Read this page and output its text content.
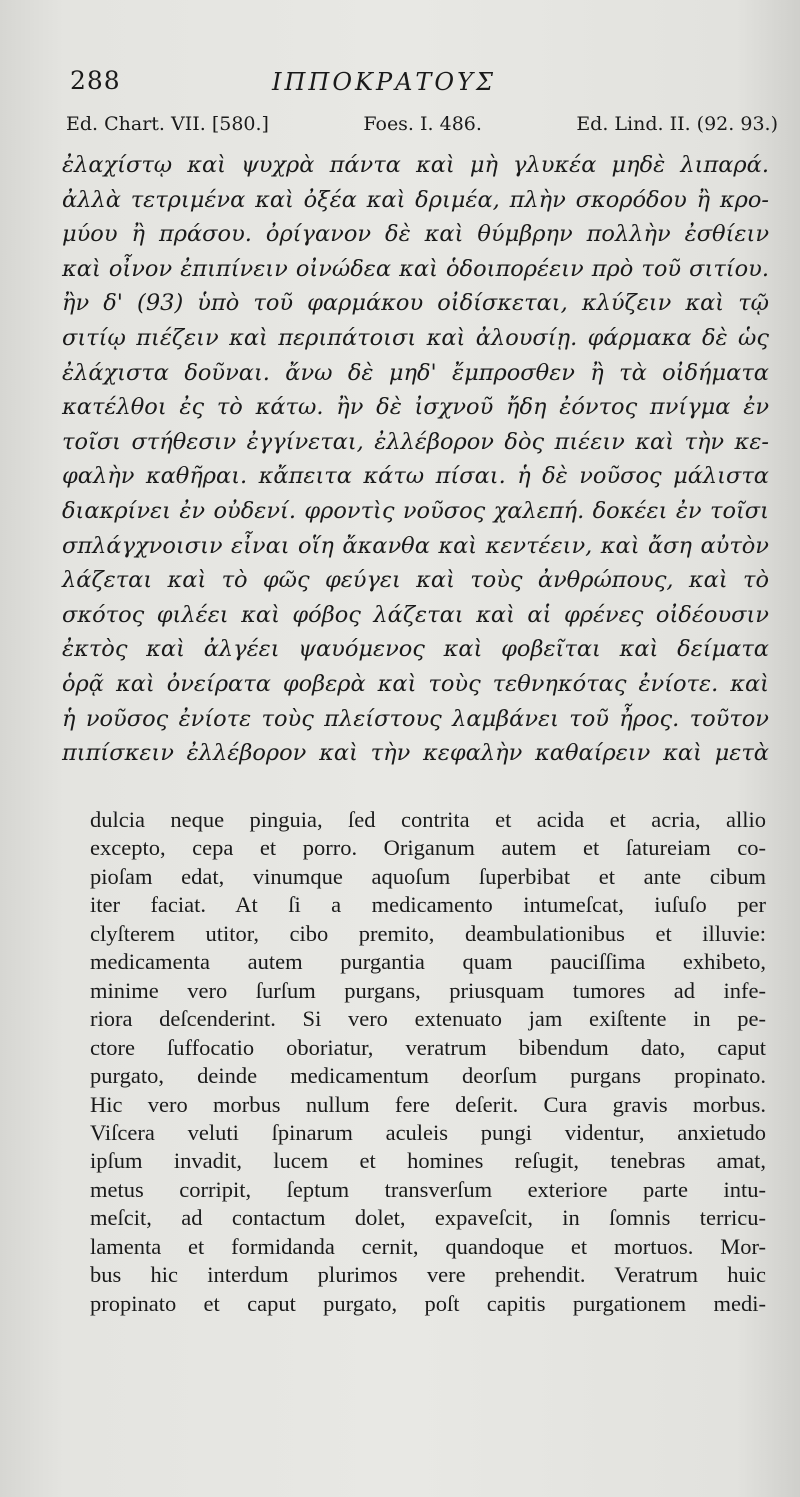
288	ΙΠΠΟΚΡΑΤΟΥΣ
Ed. Chart. VII. [580.]	Foes. I. 486.	Ed. Lind. II. (92. 93.)
ἐλαχίστῳ καὶ ψυχρὰ πάντα καὶ μὴ γλυκέα μηδὲ λιπαρά.
ἀλλὰ τετριμένα καὶ ὀξέα καὶ δριμέα, πλὴν σκορόδου ἢ κρο-
μύου ἢ πράσου. ὀρίγανον δὲ καὶ θύμβρην πολλὴν ἐσθίειν
καὶ οἶνον ἐπιπίνειν οἰνώδεα καὶ ὁδοιπορέειν πρὸ τοῦ σιτίου.
ἢν δ' (93) ὑπὸ τοῦ φαρμάκου οἰδίσκεται, κλύζειν καὶ τῷ
σιτίῳ πιέζειν καὶ περιπάτοισι καὶ ἀλουσίῃ. φάρμακα δὲ ὡς
ἐλάχιστα δοῦναι. ἄνω δὲ μηδ' ἔμπροσθεν ἢ τὰ οἰδήματα
κατέλθοι ἐς τὸ κάτω. ἢν δὲ ἰσχνοῦ ἤδη ἐόντος πνίγμα ἐν
τοῖσι στήθεσιν ἐγγίνεται, ἐλλέβορον δὸς πιέειν καὶ τὴν κε-
φαλὴν καθῆραι. κἄπειτα κάτω πίσαι. ἡ δὲ νοῦσος μάλιστα
διακρίνει ἐν οὐδενί. φροντὶς νοῦσος χαλεπή. δοκέει ἐν τοῖσι
σπλάγχνοισιν εἶναι οἵη ἄκανθα καὶ κεντέειν, καὶ ἄση αὐτὸν
λάζεται καὶ τὸ φῶς φεύγει καὶ τοὺς ἀνθρώπους, καὶ τὸ
σκότος φιλέει καὶ φόβος λάζεται καὶ αἱ φρένες οἰδέουσιν
ἐκτὸς καὶ ἀλγέει ψαυόμενος καὶ φοβεῖται καὶ δείματα
ὁρᾷ καὶ ὀνείρατα φοβερὰ καὶ τοὺς τεθνηκότας ἐνίοτε. καὶ
ἡ νοῦσος ἐνίοτε τοὺς πλείστους λαμβάνει τοῦ ἦρος. τοῦτον
πιπίσκειν ἐλλέβορον καὶ τὴν κεφαλὴν καθαίρειν καὶ μετὰ
dulcia neque pinguia, ſed contrita et acida et acria, allio
excepto, cepa et porro. Origanum autem et ſatureiam co-
pioſam edat, vinumque aquoſum ſuperbibat et ante cibum
iter faciat. At ſi a medicamento intumeſcat, iuſuſo per
clyſterem utitor, cibo premito, deambulationibus et illuvie:
medicamenta autem purgantia quam pauciſſima exhibeto,
minime vero ſurſum purgans, priusquam tumores ad infe-
riora deſcenderint. Si vero extenuato jam exiſtente in pe-
ctore ſuffocatio oboriatur, veratrum bibendum dato, caput
purgato, deinde medicamentum deorſum purgans propinato.
Hic vero morbus nullum fere deſerit. Cura gravis morbus.
Viſcera veluti ſpinarum aculeis pungi videntur, anxietudo
ipſum invadit, lucem et homines reſugit, tenebras amat,
metus corripit, ſeptum transverſum exteriore parte intu-
meſcit, ad contactum dolet, expaveſcit, in ſomnis terricu-
lamenta et formidanda cernit, quandoque et mortuos. Mor-
bus hic interdum plurimos vere prehendit. Veratrum huic
propinato et caput purgato, poſt capitis purgationem medi-
